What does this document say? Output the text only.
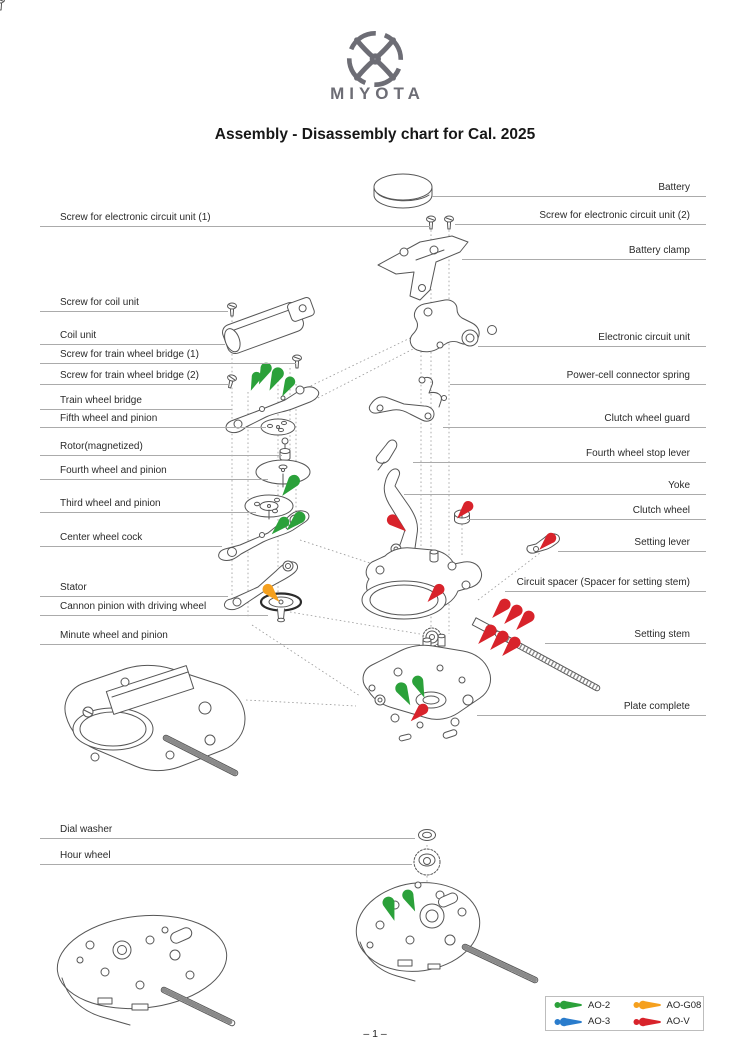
MIYOTA
Assembly - Disassembly chart for Cal. 2025
Screw for electronic circuit unit (1)
Screw for coil unit
Coil unit
Screw for train wheel bridge (1)
Screw for train wheel bridge (2)
Train wheel bridge
Fifth wheel and pinion
Rotor(magnetized)
Fourth wheel and pinion
Third wheel and pinion
Center wheel cock
Stator
Cannon pinion with driving wheel
Minute wheel and pinion
Dial washer
Hour wheel
Battery
Screw for electronic circuit unit (2)
Battery clamp
Electronic circuit unit
Power-cell connector spring
Clutch wheel guard
Fourth wheel stop lever
Yoke
Clutch wheel
Setting lever
Circuit spacer (Spacer for setting stem)
Setting stem
Plate complete
AO-2	AO-G08
AO-3	AO-V
– 1 –
